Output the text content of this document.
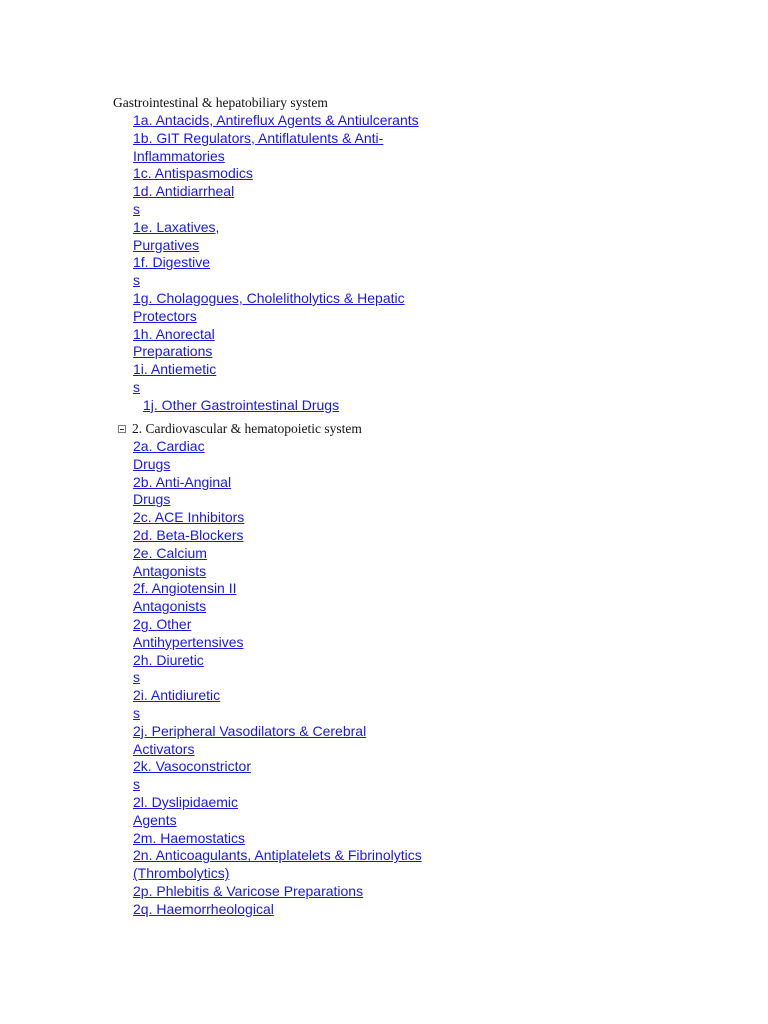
Gastrointestinal & hepatobiliary system
1a. Antacids, Antireflux Agents & Antiulcerants
1b. GIT Regulators, Antiflatulents & Anti-
Inflammatories
1c. Antispasmodics
1d. Antidiarrheal
s
1e. Laxatives,
Purgatives
1f. Digestive
s
1g. Cholagogues, Cholelitholytics & Hepatic
Protectors
1h. Anorectal
Preparations
1i. Antiemetic
s
1j. Other Gastrointestinal Drugs
2. Cardiovascular & hematopoietic system
2a. Cardiac
Drugs
2b. Anti-Anginal
Drugs
2c. ACE Inhibitors
2d. Beta-Blockers
2e. Calcium
Antagonists
2f. Angiotensin II
Antagonists
2g. Other
Antihypertensives
2h. Diuretic
s
2i. Antidiuretic
s
2j. Peripheral Vasodilators & Cerebral
Activators
2k. Vasoconstrictor
s
2l. Dyslipidaemic
Agents
2m. Haemostatics
2n. Anticoagulants, Antiplatelets & Fibrinolytics
(Thrombolytics)
2p. Phlebitis & Varicose Preparations
2q. Haemorrheological
